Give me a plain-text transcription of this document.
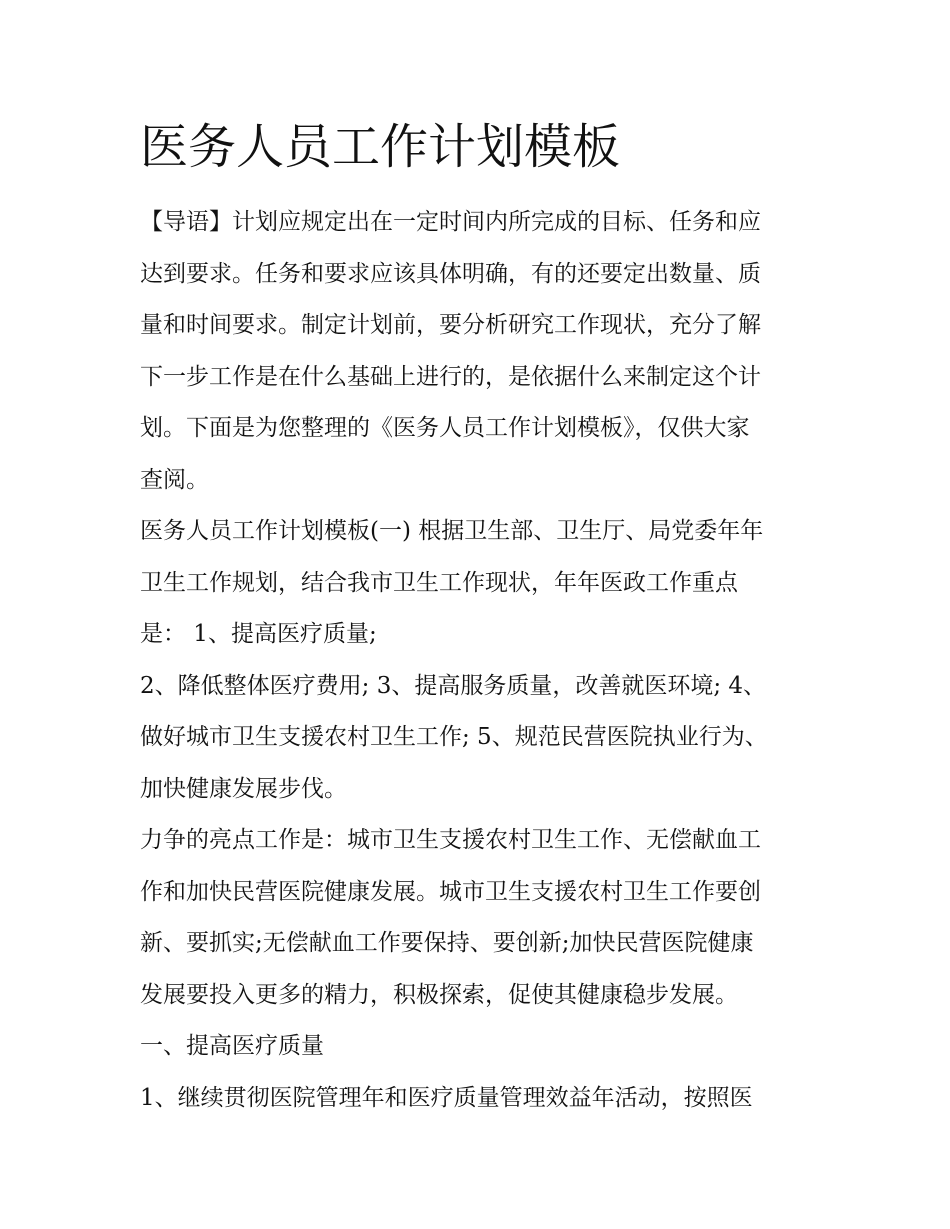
医务人员工作计划模板
【导语】计划应规定出在一定时间内所完成的目标、任务和应
达到要求。任务和要求应该具体明确，有的还要定出数量、质
量和时间要求。制定计划前，要分析研究工作现状，充分了解
下一步工作是在什么基础上进行的，是依据什么来制定这个计
划。下面是为您整理的《医务人员工作计划模板》，仅供大家
查阅。
医务人员工作计划模板(一) 根据卫生部、卫生厅、局党委年年
卫生工作规划，结合我市卫生工作现状，年年医政工作重点
是： 1、提高医疗质量;
2、降低整体医疗费用; 3、提高服务质量，改善就医环境; 4、
做好城市卫生支援农村卫生工作; 5、规范民营医院执业行为、
加快健康发展步伐。
力争的亮点工作是：城市卫生支援农村卫生工作、无偿献血工
作和加快民营医院健康发展。城市卫生支援农村卫生工作要创
新、要抓实;无偿献血工作要保持、要创新;加快民营医院健康
发展要投入更多的精力，积极探索，促使其健康稳步发展。
一、提高医疗质量
1、继续贯彻医院管理年和医疗质量管理效益年活动，按照医
